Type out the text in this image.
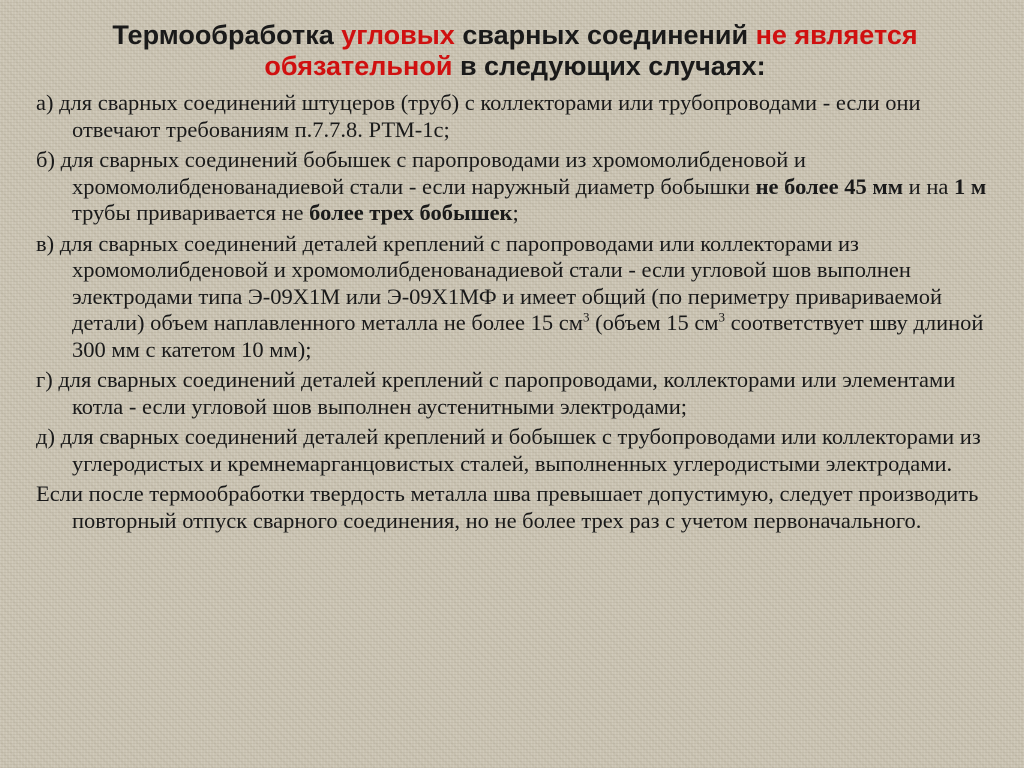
Термообработка угловых сварных соединений не является обязательной в следующих случаях:

а) для сварных соединений штуцеров (труб) с коллекторами или трубопроводами - если они отвечают требованиям п.7.7.8. РТМ-1с;

б) для сварных соединений бобышек с паропроводами из хромомолибденовой и хромомолибденованадиевой стали - если наружный диаметр бобышки не более 45 мм и на 1 м трубы приваривается не более трех бобышек;

в) для сварных соединений деталей креплений с паропроводами или коллекторами из хромомолибденовой и хромомолибденованадиевой стали - если угловой шов выполнен электродами типа Э-09Х1М или Э-09Х1МФ и имеет общий (по периметру привариваемой детали) объем наплавленного металла не более 15 $см^3$ (объем 15 $см^3$ соответствует шву длиной 300 мм с катетом 10 мм);

г) для сварных соединений деталей креплений с паропроводами, коллекторами или элементами котла - если угловой шов выполнен аустенитными электродами;

д) для сварных соединений деталей креплений и бобышек с трубопроводами или коллекторами из углеродистых и кремнемарганцовистых сталей, выполненных углеродистыми электродами.

Если после термообработки твердость металла шва превышает допустимую, следует производить повторный отпуск сварного соединения, но не более трех раз с учетом первоначального.
